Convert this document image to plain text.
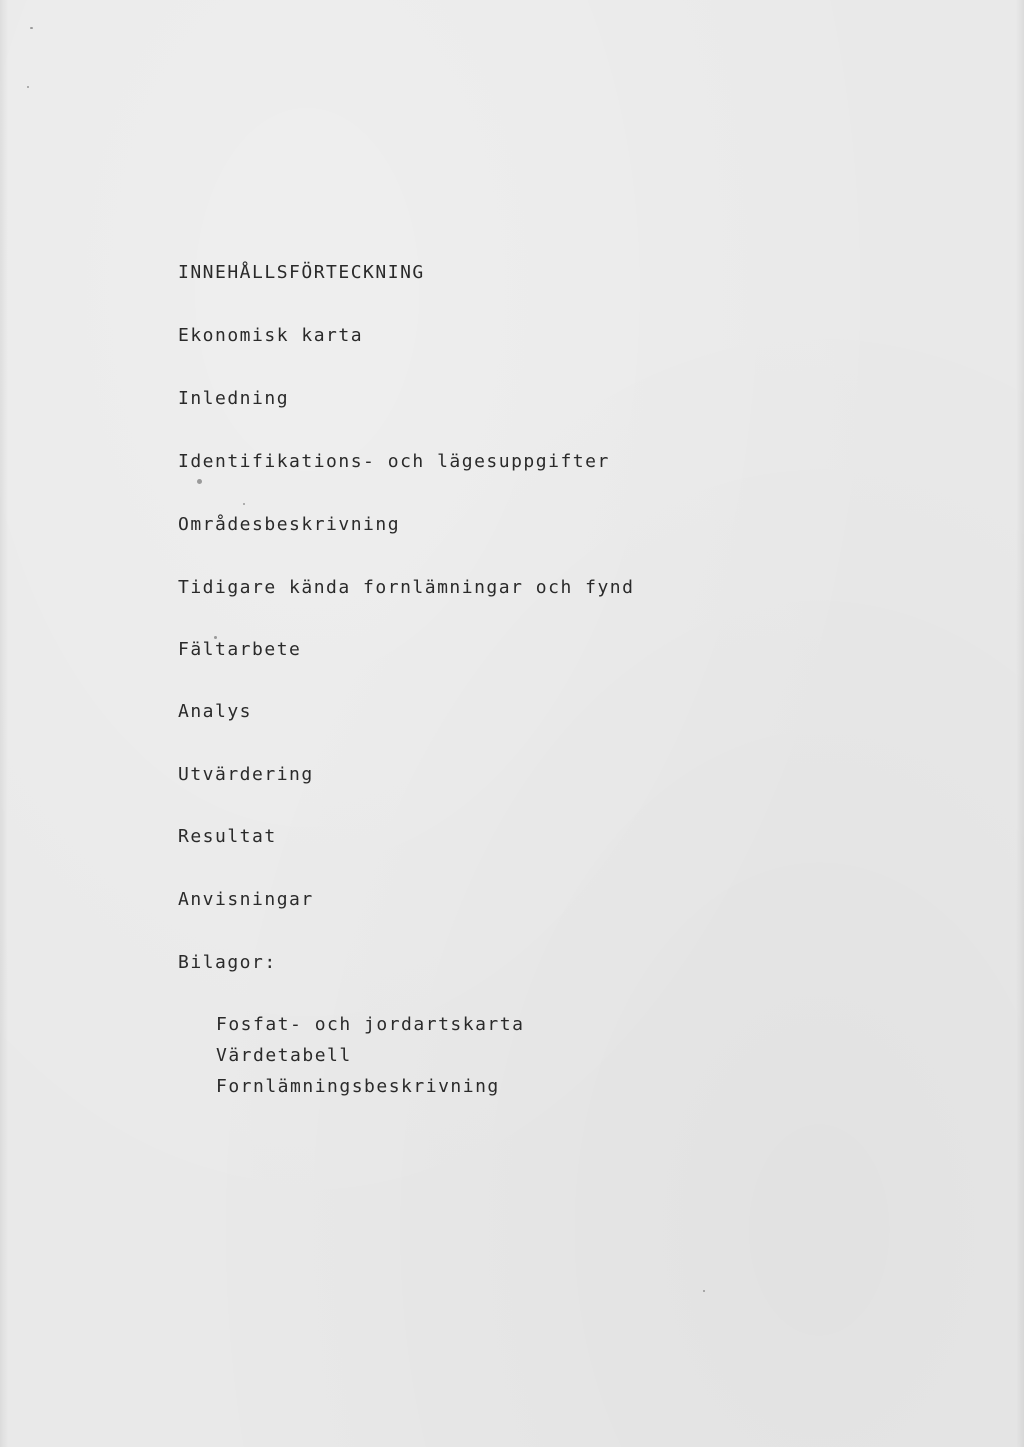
INNEHÅLLSFÖRTECKNING
Ekonomisk karta
Inledning
Identifikations- och lägesuppgifter
Områdesbeskrivning
Tidigare kända fornlämningar och fynd
Fältarbete
Analys
Utvärdering
Resultat
Anvisningar
Bilagor:
Fosfat- och jordartskarta
Värdetabell
Fornlämningsbeskrivning
